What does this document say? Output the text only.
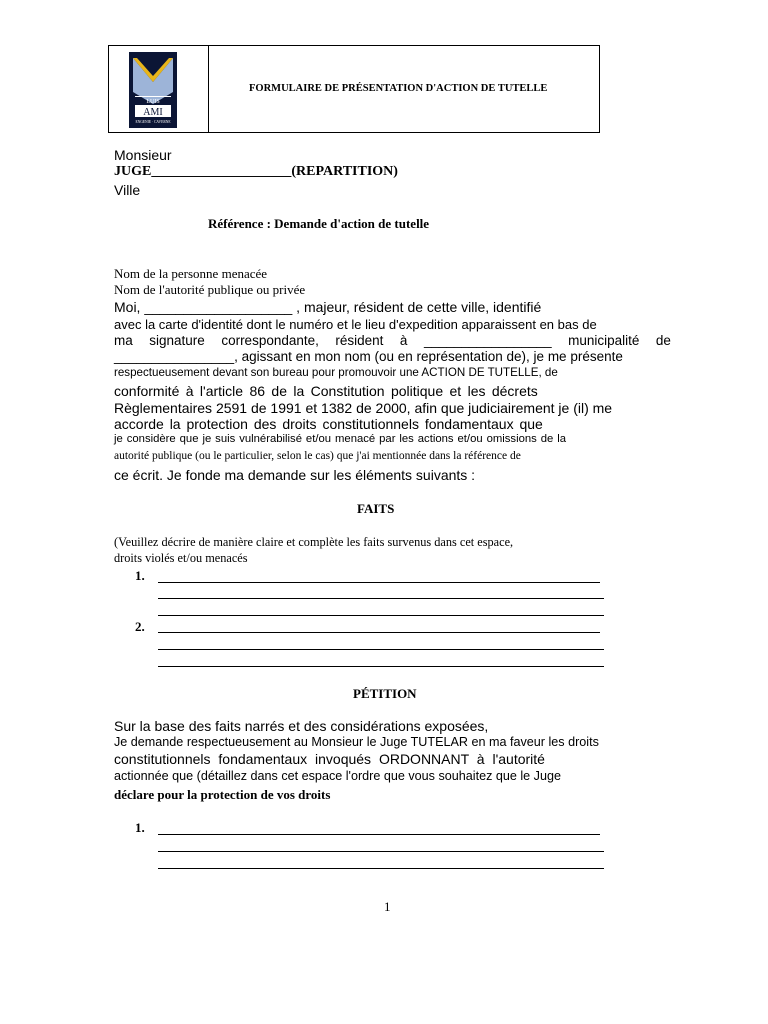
LUIS
AMI
ENGENIE · CAVERNE
FORMULAIRE DE PRÉSENTATION D'ACTION DE TUTELLE
Monsieur
JUGE____________________(REPARTITION)
Ville
Référence : Demande d'action de tutelle
Nom de la personne menacée
Nom de l'autorité publique ou privée
Moi, ___________________ , majeur, résident de cette ville, identifié
avec la carte d'identité dont le numéro et le lieu d'expedition apparaissent en bas de
ma signature correspondante, résident à _________________ municipalité de
________________, agissant en mon nom (ou en représentation de), je me présente
respectueusement devant son bureau pour promouvoir une ACTION DE TUTELLE, de
conformité à l'article 86 de la Constitution politique et les décrets
Règlementaires 2591 de 1991 et 1382 de 2000, afin que judiciairement je (il) me
accorde la protection des droits constitutionnels fondamentaux que
je considère que je suis vulnérabilisé et/ou menacé par les actions et/ou omissions de la
autorité publique (ou le particulier, selon le cas) que j'ai mentionnée dans la référence de
ce écrit. Je fonde ma demande sur les éléments suivants :
FAITS
(Veuillez décrire de manière claire et complète les faits survenus dans cet espace,
droits violés et/ou menacés
1.
2.
PÉTITION
Sur la base des faits narrés et des considérations exposées,
Je demande respectueusement au Monsieur le Juge TUTELAR en ma faveur les droits
constitutionnels fondamentaux invoqués ORDONNANT à l'autorité
actionnée que (détaillez dans cet espace l'ordre que vous souhaitez que le Juge
déclare pour la protection de vos droits
1.
1
